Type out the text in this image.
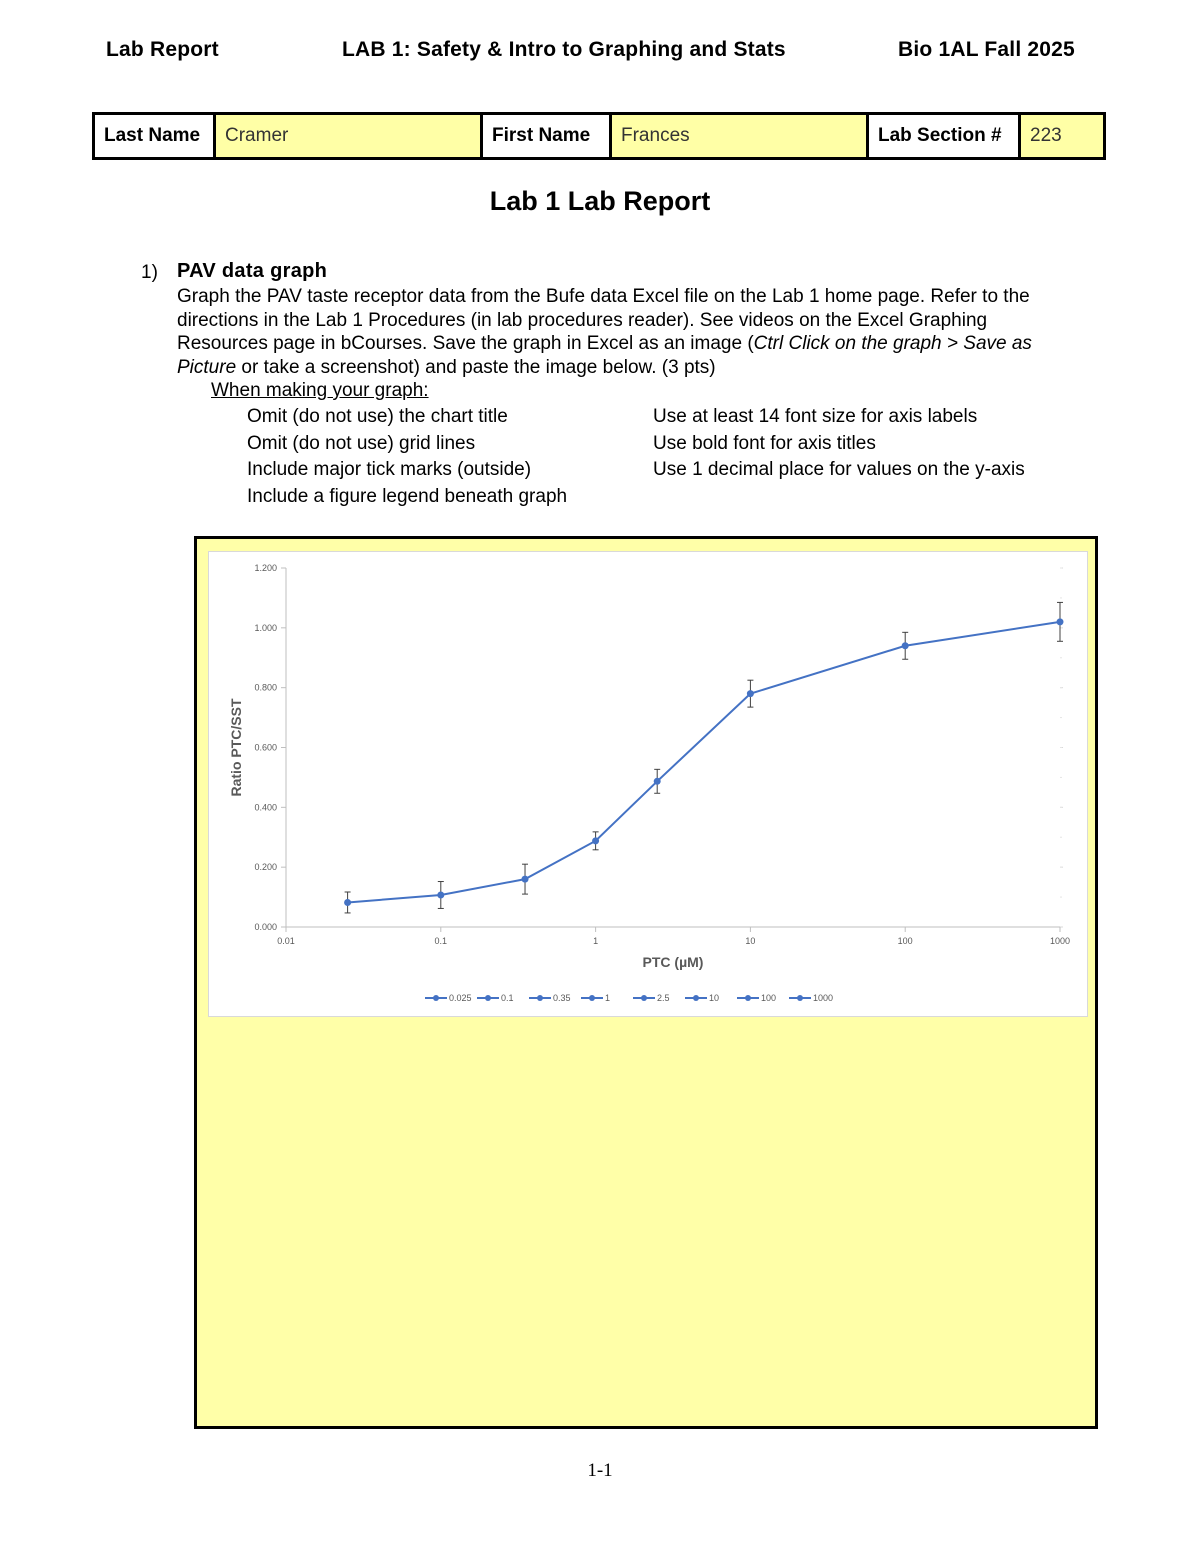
Lab Report	LAB 1: Safety & Intro to Graphing and Stats	Bio 1AL Fall 2025
Last Name	Cramer	First Name	Frances	Lab Section #	223
Lab 1 Lab Report
1) PAV data graph
Graph the PAV taste receptor data from the Bufe data Excel file on the Lab 1 home page. Refer to the directions in the Lab 1 Procedures (in lab procedures reader). See videos on the Excel Graphing Resources page in bCourses. Save the graph in Excel as an image (Ctrl Click on the graph > Save as Picture or take a screenshot) and paste the image below. (3 pts)
When making your graph:
Omit (do not use) the chart title
Omit (do not use) grid lines
Include major tick marks (outside)
Include a figure legend beneath graph
Use at least 14 font size for axis labels
Use bold font for axis titles
Use 1 decimal place for values on the y-axis
0.000
0.200
0.400
0.600
0.800
1.000
1.200
0.01	0.1	1	10	100	1000
PTC (µM)
Ratio PTC/SST
0.025	0.1	0.35	1	2.5	10	100	1000
1-1
